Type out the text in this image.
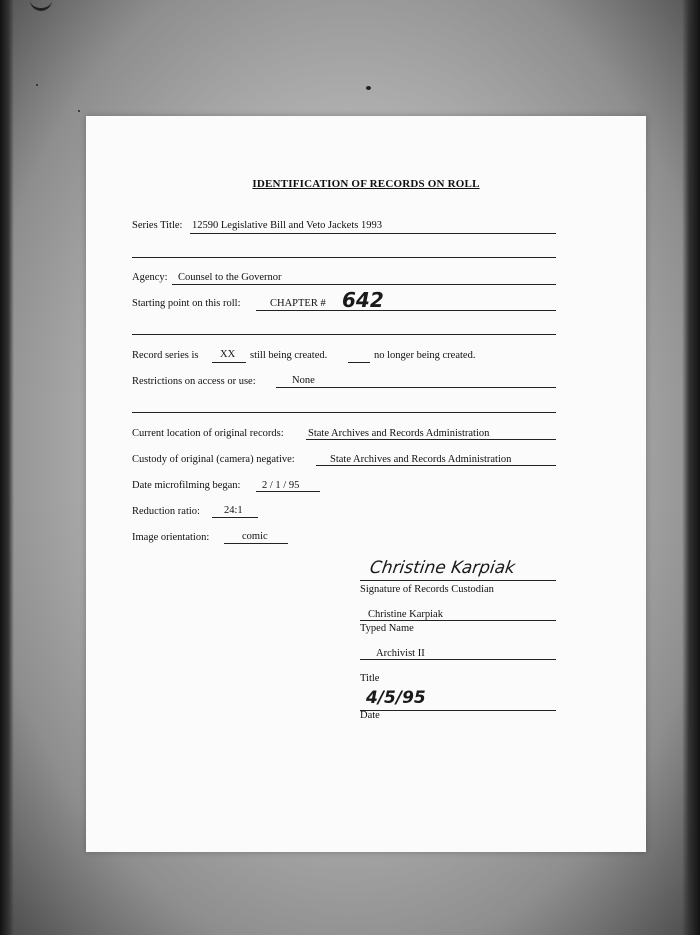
IDENTIFICATION OF RECORDS ON ROLL
Series Title: 12590 Legislative Bill and Veto Jackets 1993
Agency: Counsel to the Governor
Starting point on this roll:	CHAPTER # 642
Record series is XX still being created.	no longer being created.
Restrictions on access or use:	None
Current location of original records: State Archives and Records Administration
Custody of original (camera) negative:	State Archives and Records Administration
Date microfilming began: 2 / 1 / 95
Reduction ratio: 24:1
Image orientation:	comic
Christine Karpiak
Signature of Records Custodian
Christine Karpiak
Typed Name
Archivist II
Title
4/5/95
Date
